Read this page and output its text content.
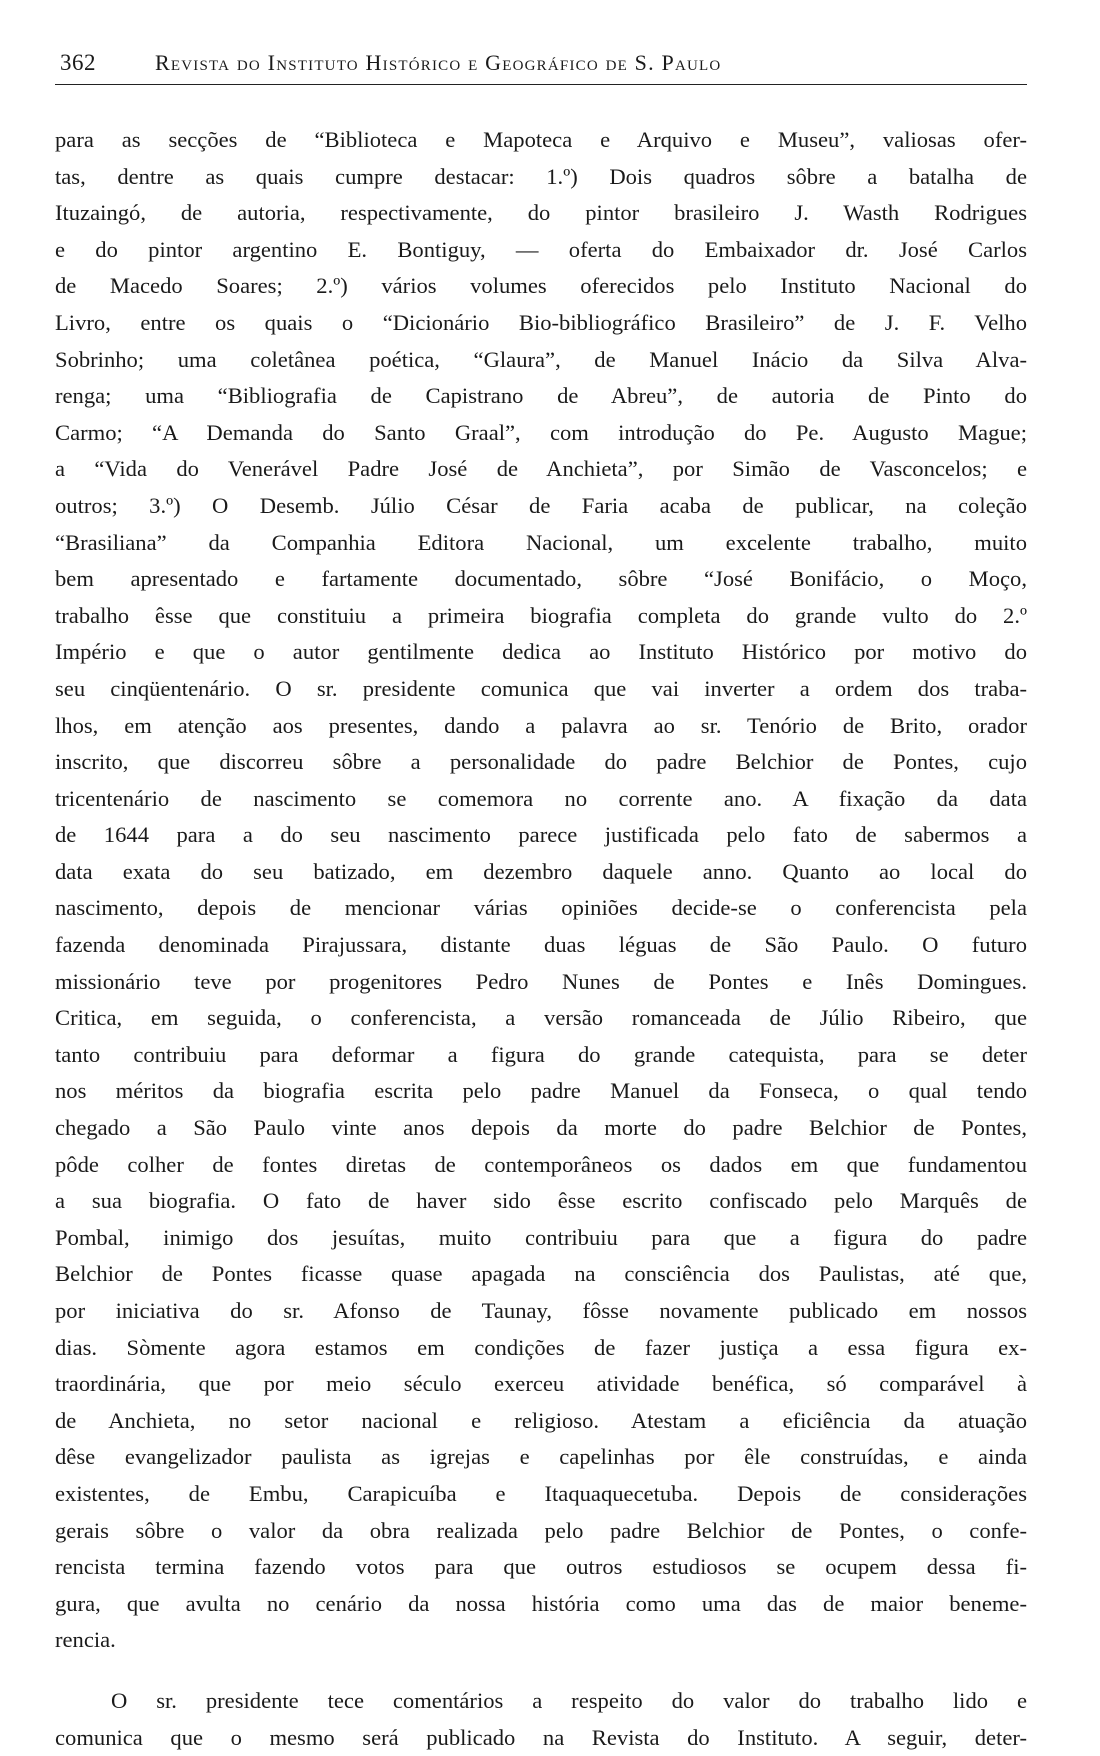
362	Revista do Instituto Histórico e Geográfico de S. Paulo
para as secções de “Biblioteca e Mapoteca e Arquivo e Museu”, valiosas ofer-
tas, dentre as quais cumpre destacar: 1.º) Dois quadros sôbre a batalha de
Ituzaingó, de autoria, respectivamente, do pintor brasileiro J. Wasth Rodrigues
e do pintor argentino E. Bontiguy, — oferta do Embaixador dr. José Carlos
de Macedo Soares; 2.º) vários volumes oferecidos pelo Instituto Nacional do
Livro, entre os quais o “Dicionário Bio-bibliográfico Brasileiro” de J. F. Velho
Sobrinho; uma coletânea poética, “Glaura”, de Manuel Inácio da Silva Alva-
renga; uma “Bibliografia de Capistrano de Abreu”, de autoria de Pinto do
Carmo; “A Demanda do Santo Graal”, com introdução do Pe. Augusto Mague;
a “Vida do Venerável Padre José de Anchieta”, por Simão de Vasconcelos; e
outros; 3.º) O Desemb. Júlio César de Faria acaba de publicar, na coleção
“Brasiliana” da Companhia Editora Nacional, um excelente trabalho, muito
bem apresentado e fartamente documentado, sôbre “José Bonifácio, o Moço,
trabalho êsse que constituiu a primeira biografia completa do grande vulto do 2.º
Império e que o autor gentilmente dedica ao Instituto Histórico por motivo do
seu cinqüentenário. O sr. presidente comunica que vai inverter a ordem dos traba-
lhos, em atenção aos presentes, dando a palavra ao sr. Tenório de Brito, orador
inscrito, que discorreu sôbre a personalidade do padre Belchior de Pontes, cujo
tricentenário de nascimento se comemora no corrente ano. A fixação da data
de 1644 para a do seu nascimento parece justificada pelo fato de sabermos a
data exata do seu batizado, em dezembro daquele anno. Quanto ao local do
nascimento, depois de mencionar várias opiniões decide-se o conferencista pela
fazenda denominada Pirajussara, distante duas léguas de São Paulo. O futuro
missionário teve por progenitores Pedro Nunes de Pontes e Inês Domingues.
Critica, em seguida, o conferencista, a versão romanceada de Júlio Ribeiro, que
tanto contribuiu para deformar a figura do grande catequista, para se deter
nos méritos da biografia escrita pelo padre Manuel da Fonseca, o qual tendo
chegado a São Paulo vinte anos depois da morte do padre Belchior de Pontes,
pôde colher de fontes diretas de contemporâneos os dados em que fundamentou
a sua biografia. O fato de haver sido êsse escrito confiscado pelo Marquês de
Pombal, inimigo dos jesuítas, muito contribuiu para que a figura do padre
Belchior de Pontes ficasse quase apagada na consciência dos Paulistas, até que,
por iniciativa do sr. Afonso de Taunay, fôsse novamente publicado em nossos
dias. Sòmente agora estamos em condições de fazer justiça a essa figura ex-
traordinária, que por meio século exerceu atividade benéfica, só comparável à
de Anchieta, no setor nacional e religioso. Atestam a eficiência da atuação
dêse evangelizador paulista as igrejas e capelinhas por êle construídas, e ainda
existentes, de Embu, Carapicuíba e Itaquaquecetuba. Depois de considerações
gerais sôbre o valor da obra realizada pelo padre Belchior de Pontes, o confe-
rencista termina fazendo votos para que outros estudiosos se ocupem dessa fi-
gura, que avulta no cenário da nossa história como uma das de maior beneme-
rencia.
O sr. presidente tece comentários a respeito do valor do trabalho lido e
comunica que o mesmo será publicado na Revista do Instituto. A seguir, deter-
